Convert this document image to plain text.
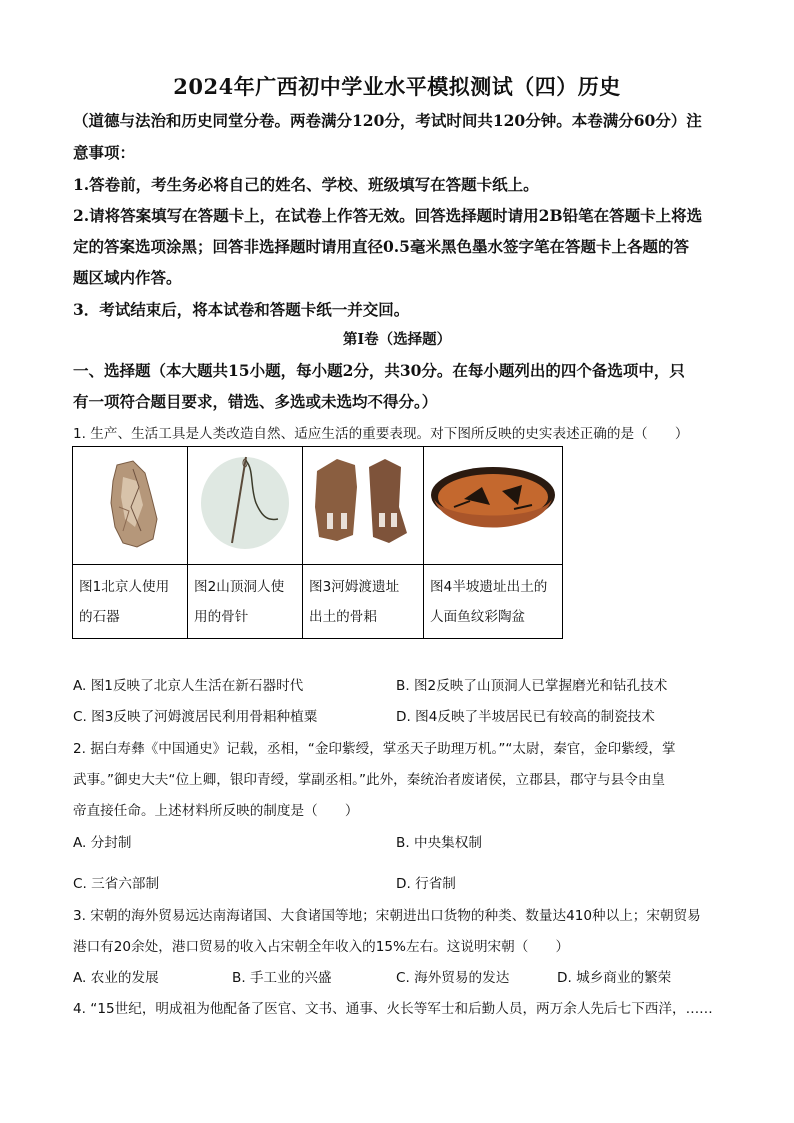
2024年广西初中学业水平模拟测试（四）历史
（道德与法治和历史同堂分卷。两卷满分120分，考试时间共120分钟。本卷满分60分）注
意事项：
1.答卷前，考生务必将自己的姓名、学校、班级填写在答题卡纸上。
2.请将答案填写在答题卡上，在试卷上作答无效。回答选择题时请用2B铅笔在答题卡上将选
定的答案选项涂黑；回答非选择题时请用直径0.5毫米黑色墨水签字笔在答题卡上各题的答
题区域内作答。
3．考试结束后，将本试卷和答题卡纸一并交回。
第Ⅰ卷（选择题）
一、选择题（本大题共15小题，每小题2分，共30分。在每小题列出的四个备选项中，只
有一项符合题目要求，错选、多选或未选均不得分。）
1. 生产、生活工具是人类改造自然、适应生活的重要表现。对下图所反映的史实表述正确的是（　　）

图1北京人使用
的石器	图2山顶洞人使
用的骨针	图3河姆渡遗址
出土的骨耜	图4半坡遗址出土的
人面鱼纹彩陶盆
A. 图1反映了北京人生活在新石器时代	B. 图2反映了山顶洞人已掌握磨光和钻孔技术
C. 图3反映了河姆渡居民利用骨耜种植粟	D. 图4反映了半坡居民已有较高的制瓷技术
2. 据白寿彝《中国通史》记载，丞相，“金印紫绶，掌丞天子助理万机。”“太尉，秦官，金印紫绶，掌
武事。”御史大夫“位上卿，银印青绶，掌副丞相。”此外，秦统治者废诸侯，立郡县，郡守与县令由皇
帝直接任命。上述材料所反映的制度是（　　）
A. 分封制	B. 中央集权制
C. 三省六部制	D. 行省制
3. 宋朝的海外贸易远达南海诸国、大食诸国等地；宋朝进出口货物的种类、数量达410种以上；宋朝贸易
港口有20余处，港口贸易的收入占宋朝全年收入的15%左右。这说明宋朝（　　）
A. 农业的发展	B. 手工业的兴盛	C. 海外贸易的发达	D. 城乡商业的繁荣
4. “15世纪，明成祖为他配备了医官、文书、通事、火长等军士和后勤人员，两万余人先后七下西洋，……
